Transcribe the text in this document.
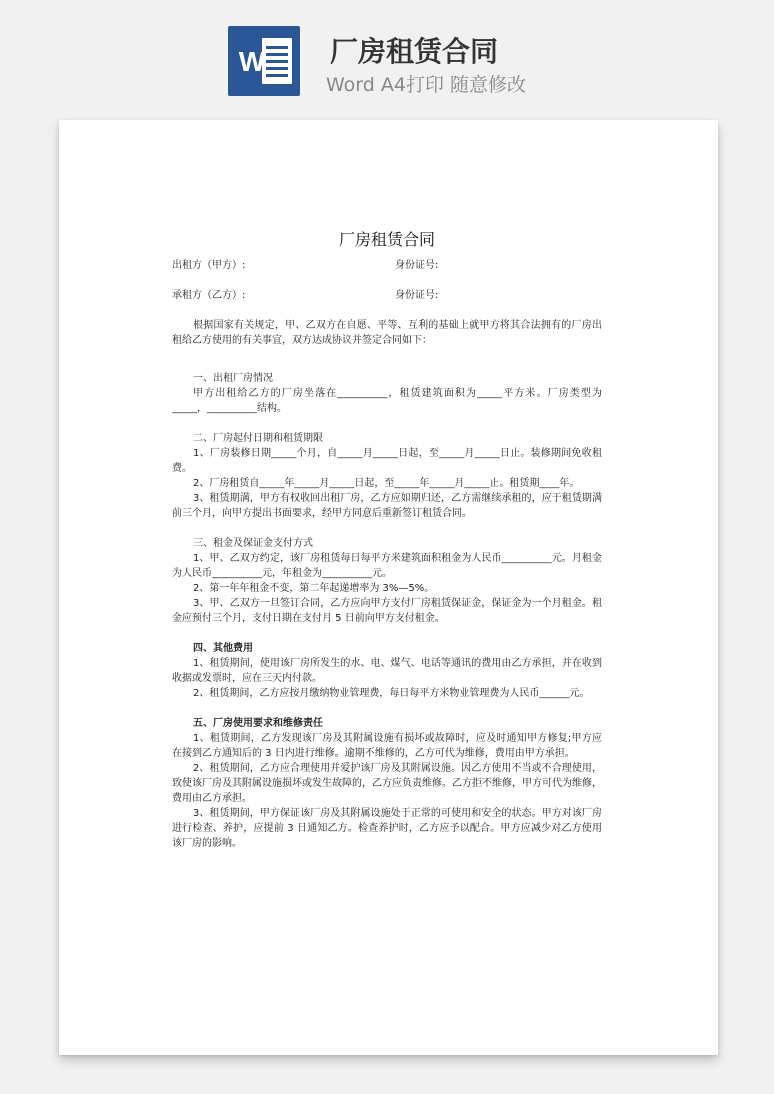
W 厂房租赁合同
Word A4打印 随意修改
厂房租赁合同
出租方（甲方）:	身份证号:
承租方（乙方）:	身份证号:

根据国家有关规定，甲、乙双方在自愿、平等、互利的基础上就甲方将其合法拥有的厂房出租给乙方使用的有关事宜，双方达成协议并签定合同如下：

一、出租厂房情况

甲方出租给乙方的厂房坐落在__________，租赁建筑面积为_____平方米。厂房类型为_____，__________结构。

二、厂房起付日期和租赁期限

1、厂房装修日期_____个月，自_____月_____日起，至_____月_____日止。装修期间免收租费。

2、厂房租赁自_____年_____月_____日起，至_____年_____月_____止。租赁期____年。

3、租赁期满，甲方有权收回出租厂房，乙方应如期归还，乙方需继续承租的，应于租赁期满前三个月，向甲方提出书面要求，经甲方同意后重新签订租赁合同。

三、租金及保证金支付方式

1、甲、乙双方约定，该厂房租赁每日每平方米建筑面积租金为人民币__________元。月租金为人民币__________元，年租金为__________元。

2、第一年年租金不变，第二年起递增率为 3%—5%。

3、甲、乙双方一旦签订合同，乙方应向甲方支付厂房租赁保证金，保证金为一个月租金。租金应预付三个月，支付日期在支付月 5 日前向甲方支付租金。

四、其他费用

1、租赁期间，使用该厂房所发生的水、电、煤气、电话等通讯的费用由乙方承担，并在收到收据或发票时，应在三天内付款。

2、租赁期间，乙方应按月缴纳物业管理费，每日每平方米物业管理费为人民币______元。

五、厂房使用要求和维修责任

1、租赁期间，乙方发现该厂房及其附属设施有损坏或故障时，应及时通知甲方修复;甲方应在接到乙方通知后的 3 日内进行维修。逾期不维修的，乙方可代为维修，费用由甲方承担。

2、租赁期间，乙方应合理使用并爱护该厂房及其附属设施。因乙方使用不当或不合理使用，致使该厂房及其附属设施损坏或发生故障的，乙方应负责维修。乙方拒不维修，甲方可代为维修，费用由乙方承担。

3、租赁期间，甲方保证该厂房及其附属设施处于正常的可使用和安全的状态。甲方对该厂房进行检查、养护，应提前 3 日通知乙方。检查养护时，乙方应予以配合。甲方应减少对乙方使用该厂房的影响。
